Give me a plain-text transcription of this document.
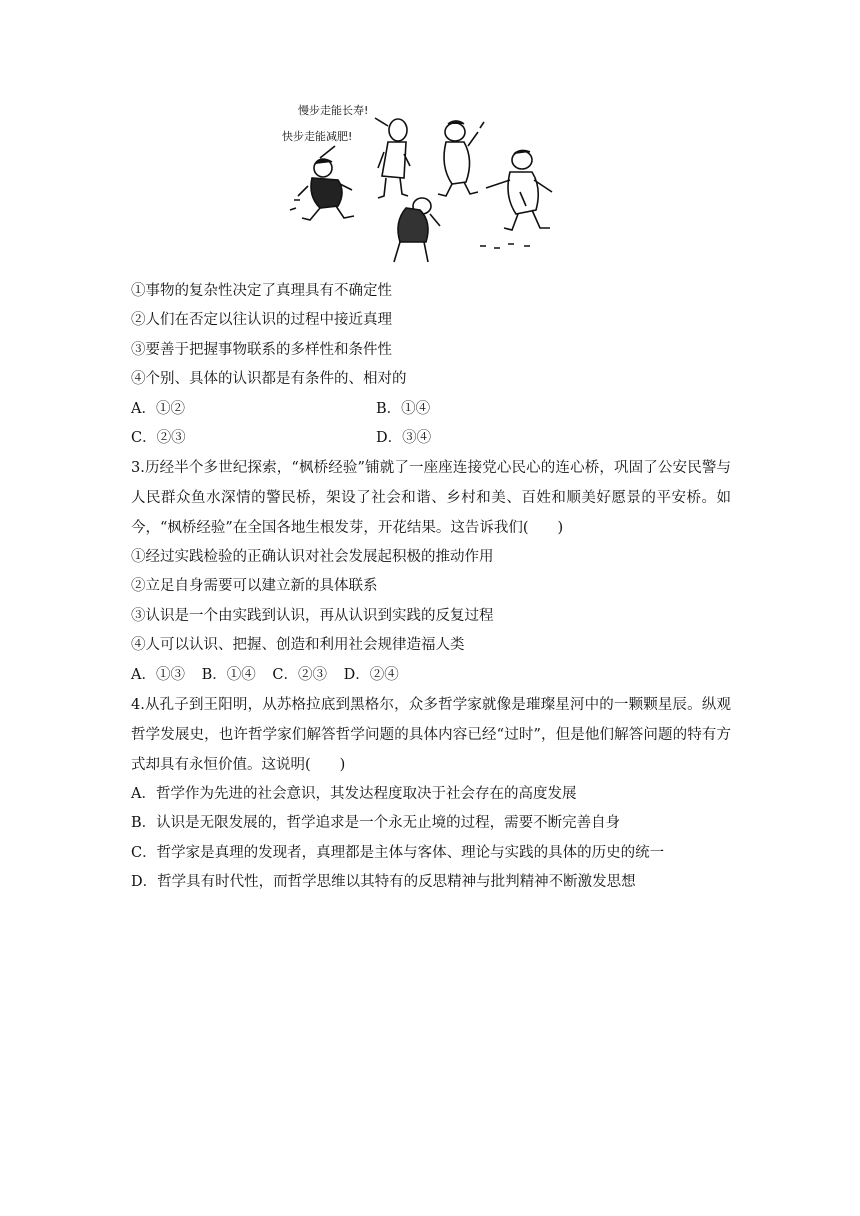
慢步走能长寿!
快步走能减肥!
①事物的复杂性决定了真理具有不确定性
②人们在否定以往认识的过程中接近真理
③要善于把握事物联系的多样性和条件性
④个别、具体的认识都是有条件的、相对的
A．①②	B．①④
C．②③	D．③④
3.历经半个多世纪探索，“枫桥经验”铺就了一座座连接党心民心的连心桥，巩固了公安民警与人民群众鱼水深情的警民桥，架设了社会和谐、乡村和美、百姓和顺美好愿景的平安桥。如今，“枫桥经验”在全国各地生根发芽，开花结果。这告诉我们(　　)
①经过实践检验的正确认识对社会发展起积极的推动作用
②立足自身需要可以建立新的具体联系
③认识是一个由实践到认识，再从认识到实践的反复过程
④人可以认识、把握、创造和利用社会规律造福人类
A．①③ B．①④ C．②③ D．②④
4.从孔子到王阳明，从苏格拉底到黑格尔，众多哲学家就像是璀璨星河中的一颗颗星辰。纵观哲学发展史，也许哲学家们解答哲学问题的具体内容已经“过时”，但是他们解答问题的特有方式却具有永恒价值。这说明(　　)
A．哲学作为先进的社会意识，其发达程度取决于社会存在的高度发展
B．认识是无限发展的，哲学追求是一个永无止境的过程，需要不断完善自身
C．哲学家是真理的发现者，真理都是主体与客体、理论与实践的具体的历史的统一
D．哲学具有时代性，而哲学思维以其特有的反思精神与批判精神不断激发思想
